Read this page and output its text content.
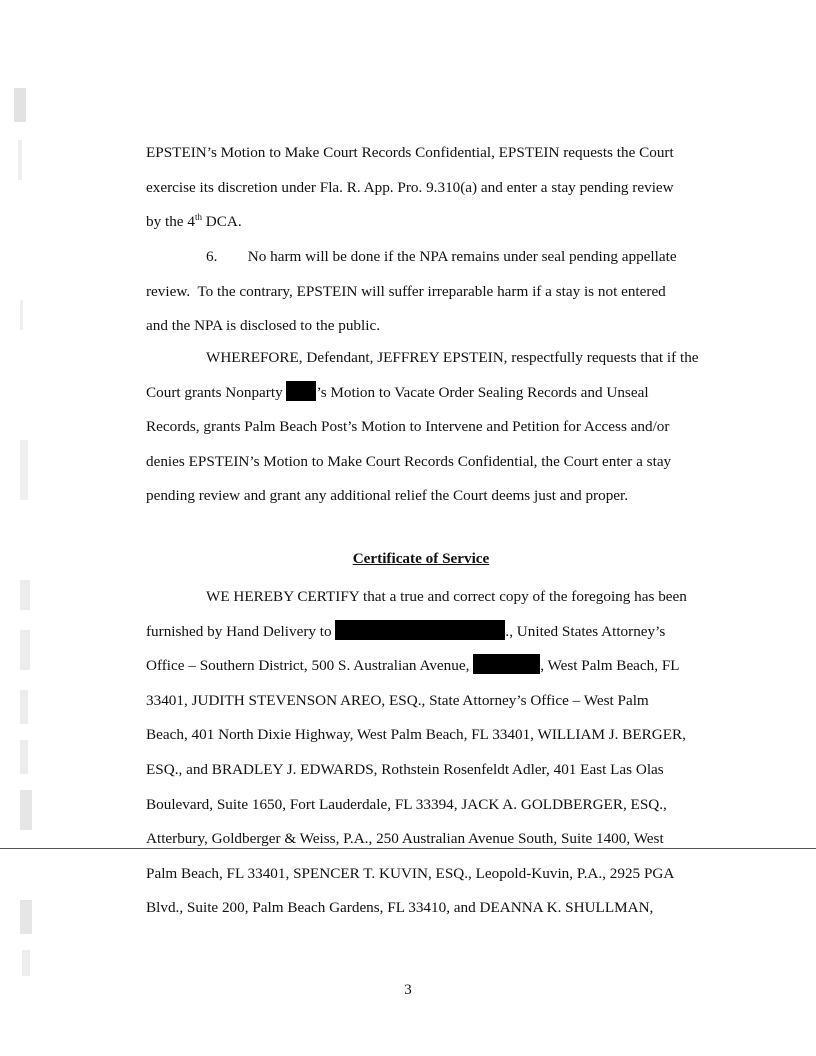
EPSTEIN’s Motion to Make Court Records Confidential, EPSTEIN requests the Court
exercise its discretion under Fla. R. App. Pro. 9.310(a) and enter a stay pending review
by the 4th DCA.
6.        No harm will be done if the NPA remains under seal pending appellate
review.  To the contrary, EPSTEIN will suffer irreparable harm if a stay is not entered
and the NPA is disclosed to the public.
WHEREFORE, Defendant, JEFFREY EPSTEIN, respectfully requests that if the
Court grants Nonparty ’s Motion to Vacate Order Sealing Records and Unseal
Records, grants Palm Beach Post’s Motion to Intervene and Petition for Access and/or
denies EPSTEIN’s Motion to Make Court Records Confidential, the Court enter a stay
pending review and grant any additional relief the Court deems just and proper.
Certificate of Service
WE HEREBY CERTIFY that a true and correct copy of the foregoing has been
furnished by Hand Delivery to	., United States Attorney’s
Office – Southern District, 500 S. Australian Avenue,	, West Palm Beach, FL
33401, JUDITH STEVENSON AREO, ESQ., State Attorney’s Office – West Palm
Beach, 401 North Dixie Highway, West Palm Beach, FL 33401, WILLIAM J. BERGER,
ESQ., and BRADLEY J. EDWARDS, Rothstein Rosenfeldt Adler, 401 East Las Olas
Boulevard, Suite 1650, Fort Lauderdale, FL 33394, JACK A. GOLDBERGER, ESQ.,
Atterbury, Goldberger & Weiss, P.A., 250 Australian Avenue South, Suite 1400, West
Palm Beach, FL 33401, SPENCER T. KUVIN, ESQ., Leopold-Kuvin, P.A., 2925 PGA
Blvd., Suite 200, Palm Beach Gardens, FL 33410, and DEANNA K. SHULLMAN,
3
